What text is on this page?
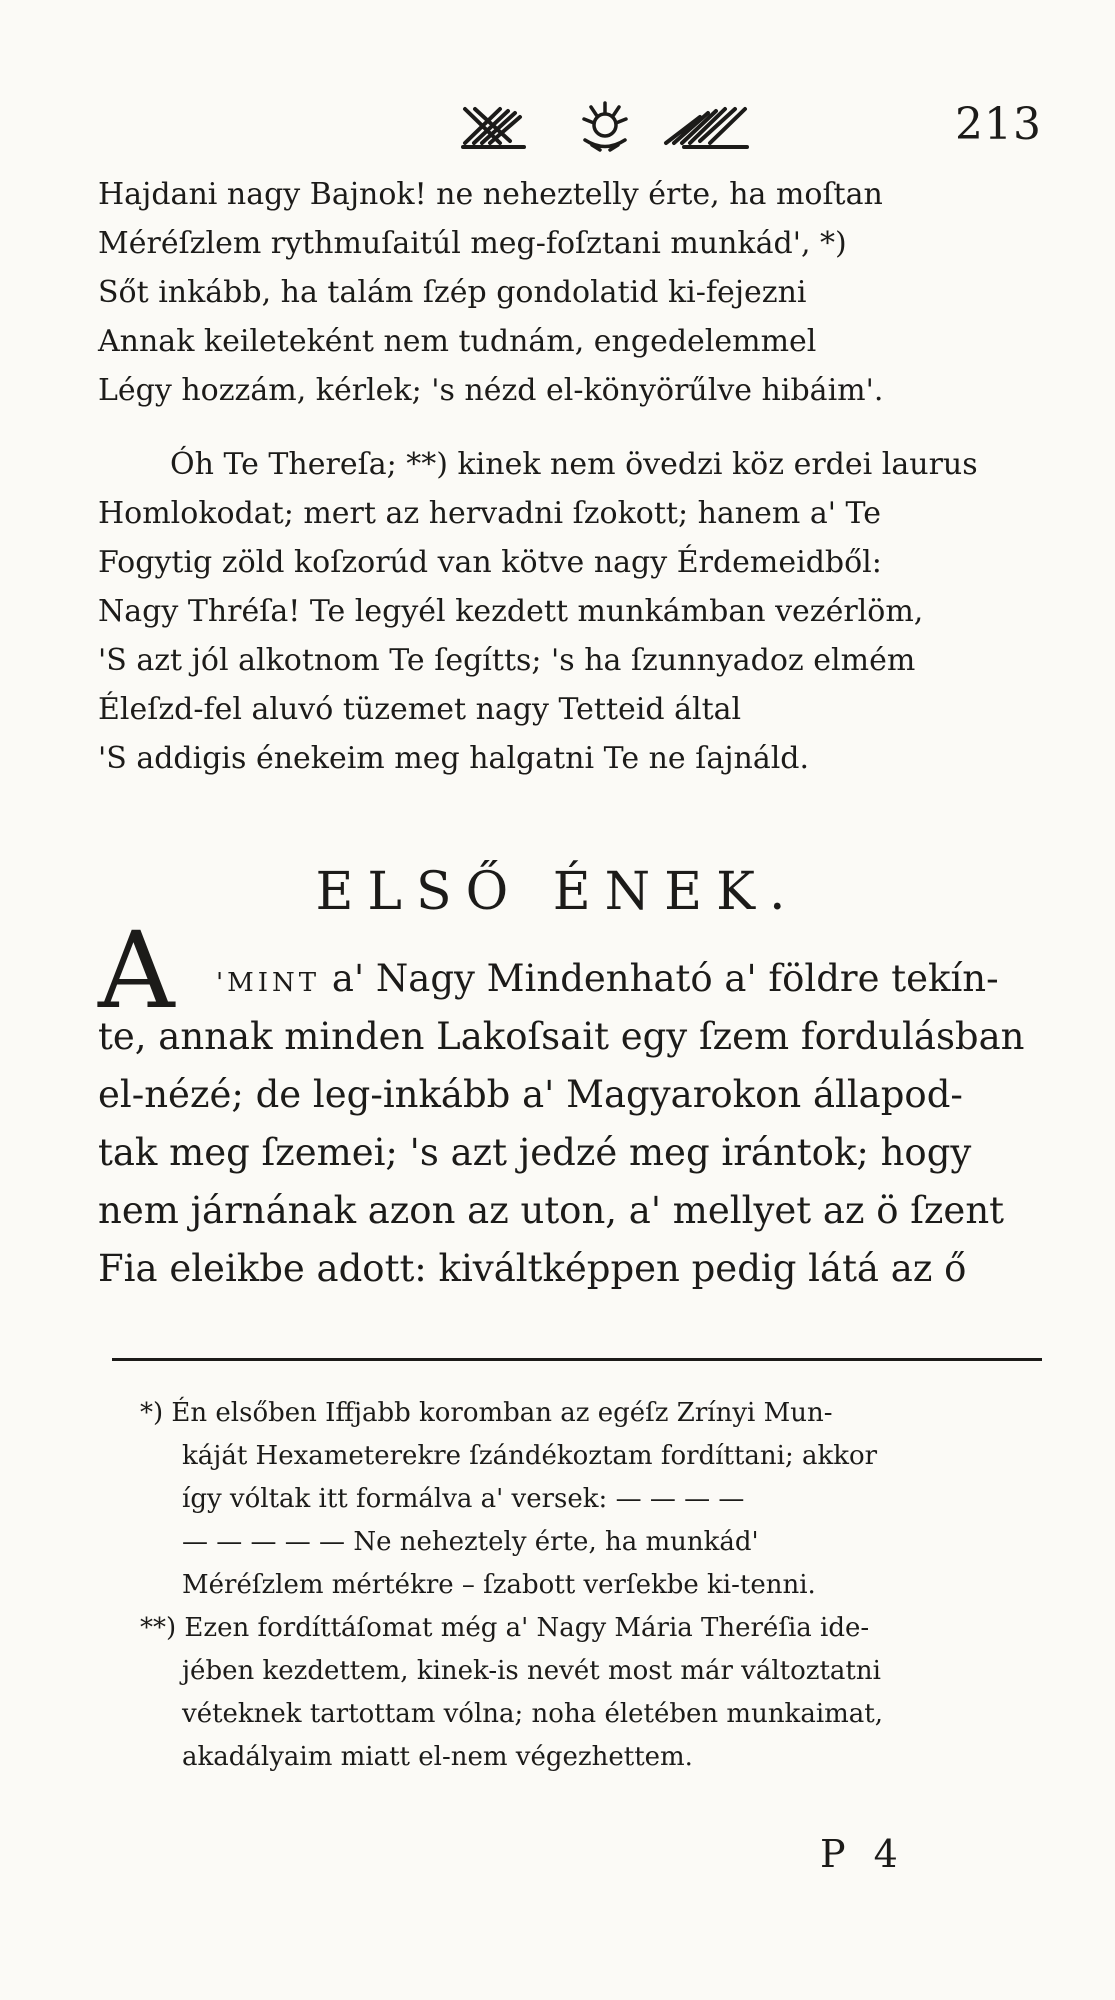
213
Hajdani nagy Bajnok! ne neheztelly érte, ha moſtan
Méréſzlem rythmuſaitúl meg-foſztani munkád', *)
Sőt inkább, ha talám ſzép gondolatid ki-fejezni
Annak keileteként nem tudnám, engedelemmel
Légy hozzám, kérlek; 's nézd el-könyörűlve hibáim'.
Óh Te Thereſa; **) kinek nem övedzi köz erdei laurus
Homlokodat; mert az hervadni ſzokott; hanem a' Te
Fogytig zöld koſzorúd van kötve nagy Érdemeidből:
Nagy Thréſa! Te legyél kezdett munkámban vezérlöm,
'S azt jól alkotnom Te ſegítts; 's ha ſzunnyadoz elmém
Éleſzd-fel aluvó tüzemet nagy Tetteid által
'S addigis énekeim meg halgatni Te ne ſajnáld.
ELSŐ ÉNEK.
A	'MINT a' Nagy Mindenható a' földre tekín-
te, annak minden Lakoſsait egy ſzem fordulásban
el-nézé; de leg-inkább a' Magyarokon állapod-
tak meg ſzemei; 's azt jedzé meg irántok; hogy
nem járnának azon az uton, a' mellyet az ö ſzent
Fia eleikbe adott: kiváltképpen pedig látá az ő
*) Én elsőben Iffjabb koromban az egéſz Zrínyi Mun-
káját Hexameterekre ſzándékoztam fordíttani; akkor
így vóltak itt formálva a' versek: — — — —
— — — — — Ne neheztely érte, ha munkád'
Méréſzlem mértékre – ſzabott verſekbe ki-tenni.
**) Ezen fordíttáſomat még a' Nagy Mária Theréſia ide-
jében kezdettem, kinek-is nevét most már változtatni
véteknek tartottam vólna; noha életében munkaimat,
akadályaim miatt el-nem végezhettem.
P 4
